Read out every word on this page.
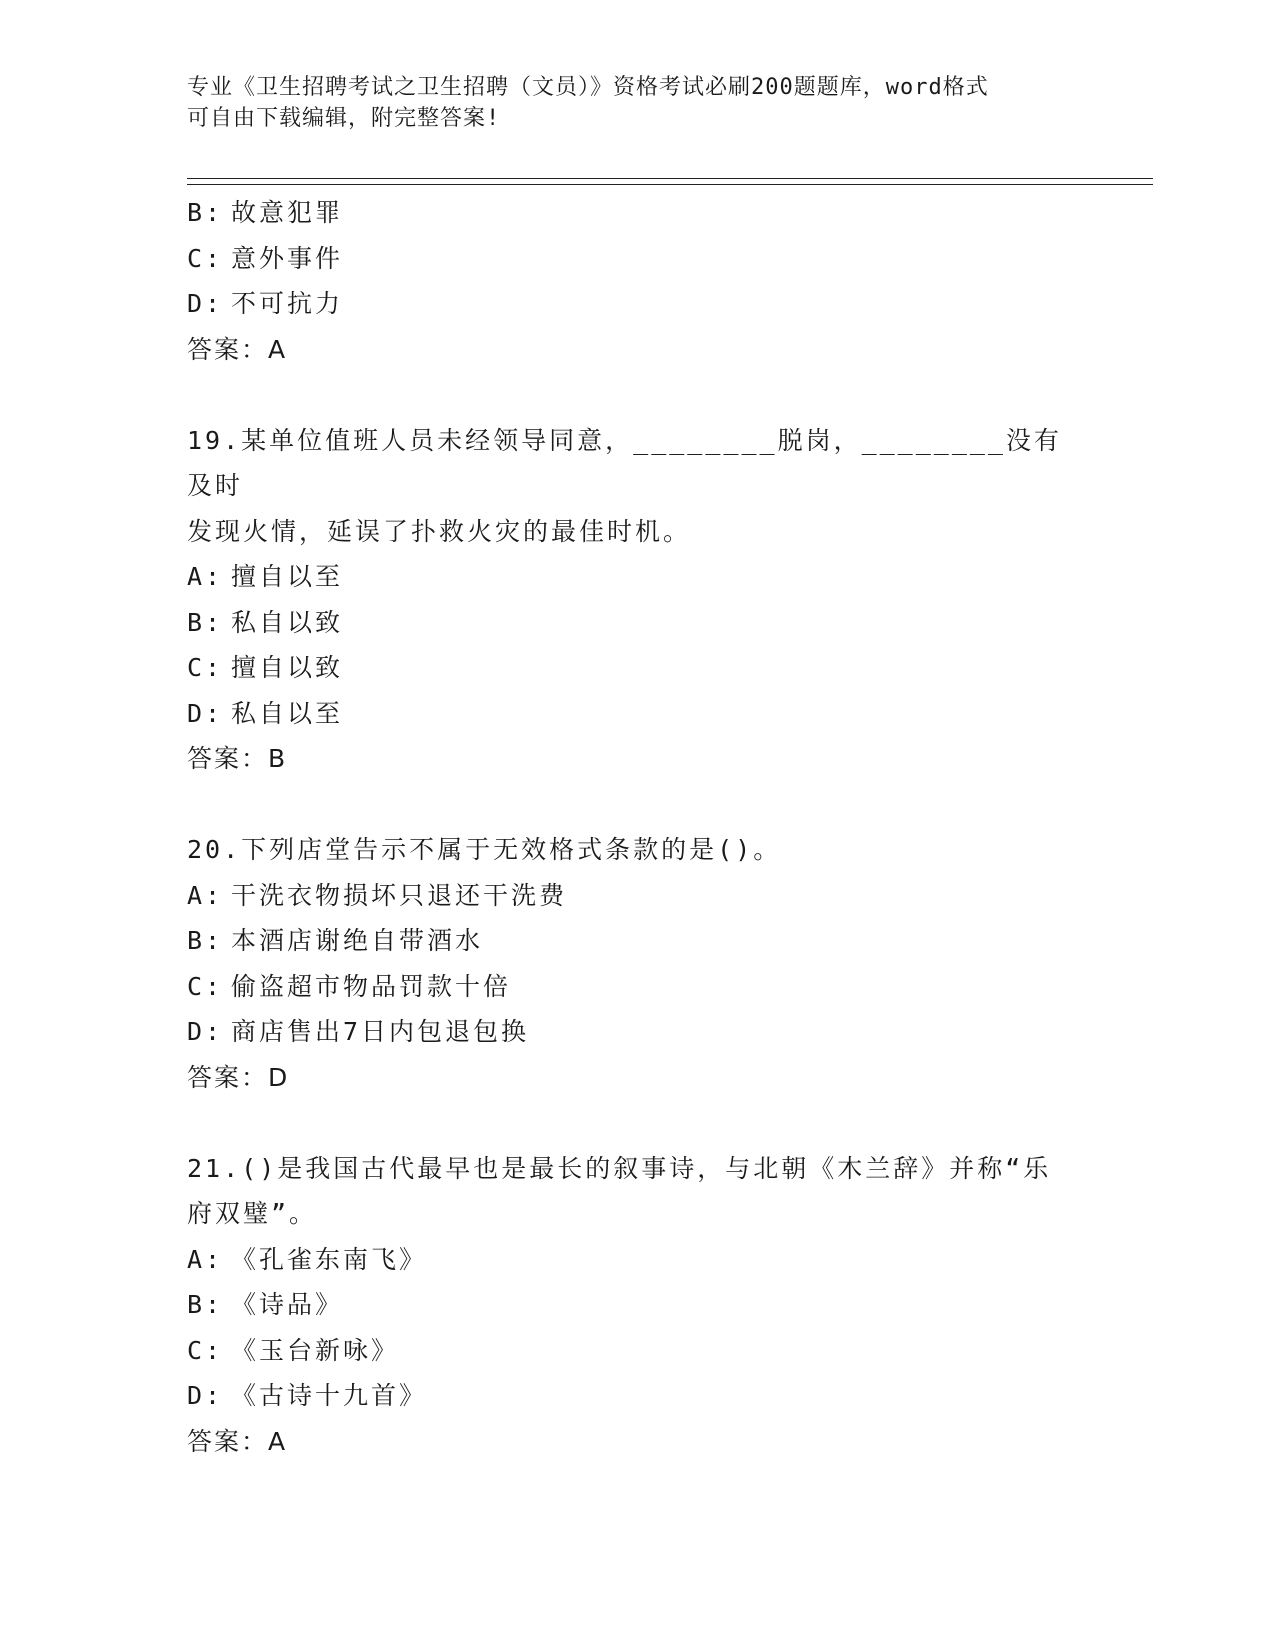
专业《卫生招聘考试之卫生招聘（文员）》资格考试必刷200题题库，word格式
可自由下载编辑，附完整答案!
B: 故意犯罪
C: 意外事件
D: 不可抗力
答案：A
19.某单位值班人员未经领导同意，________脱岗，________没有及时
发现火情，延误了扑救火灾的最佳时机。
A: 擅自以至
B: 私自以致
C: 擅自以致
D: 私自以至
答案：B
20.下列店堂告示不属于无效格式条款的是()。
A: 干洗衣物损坏只退还干洗费
B: 本酒店谢绝自带酒水
C: 偷盗超市物品罚款十倍
D: 商店售出7日内包退包换
答案：D
21.()是我国古代最早也是最长的叙事诗，与北朝《木兰辞》并称“乐
府双璧”。
A: 《孔雀东南飞》
B: 《诗品》
C: 《玉台新咏》
D: 《古诗十九首》
答案：A
